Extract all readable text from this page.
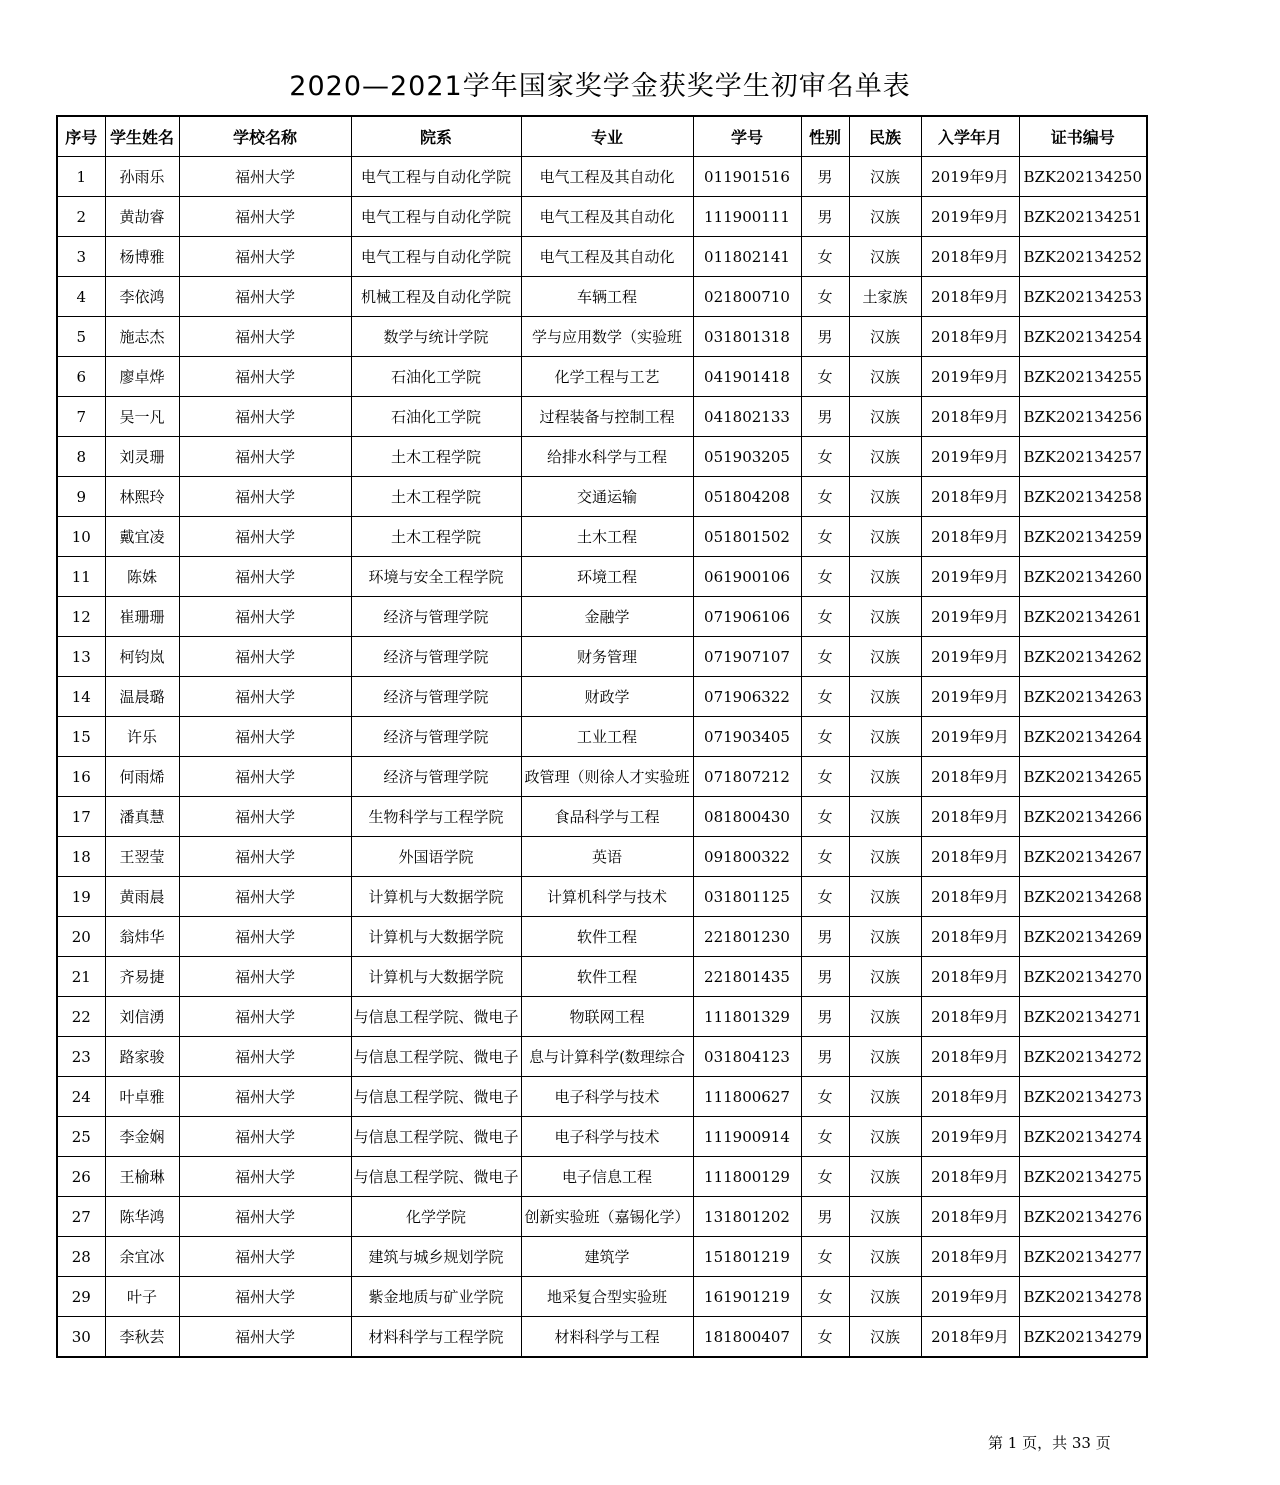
2020—2021学年国家奖学金获奖学生初审名单表
序号	学生姓名	学校名称	院系	专业	学号	性别	民族	入学年月	证书编号
1	孙雨乐	福州大学	电气工程与自动化学院	电气工程及其自动化	011901516	男	汉族	2019年9月	BZK202134250
2	黄劼睿	福州大学	电气工程与自动化学院	电气工程及其自动化	111900111	男	汉族	2019年9月	BZK202134251
3	杨博雅	福州大学	电气工程与自动化学院	电气工程及其自动化	011802141	女	汉族	2018年9月	BZK202134252
4	李依鸿	福州大学	机械工程及自动化学院	车辆工程	021800710	女	土家族	2018年9月	BZK202134253
5	施志杰	福州大学	数学与统计学院	学与应用数学（实验班	031801318	男	汉族	2018年9月	BZK202134254
6	廖卓烨	福州大学	石油化工学院	化学工程与工艺	041901418	女	汉族	2019年9月	BZK202134255
7	吴一凡	福州大学	石油化工学院	过程装备与控制工程	041802133	男	汉族	2018年9月	BZK202134256
8	刘灵珊	福州大学	土木工程学院	给排水科学与工程	051903205	女	汉族	2019年9月	BZK202134257
9	林熙玲	福州大学	土木工程学院	交通运输	051804208	女	汉族	2018年9月	BZK202134258
10	戴宜凌	福州大学	土木工程学院	土木工程	051801502	女	汉族	2018年9月	BZK202134259
11	陈姝	福州大学	环境与安全工程学院	环境工程	061900106	女	汉族	2019年9月	BZK202134260
12	崔珊珊	福州大学	经济与管理学院	金融学	071906106	女	汉族	2019年9月	BZK202134261
13	柯钧岚	福州大学	经济与管理学院	财务管理	071907107	女	汉族	2019年9月	BZK202134262
14	温晨璐	福州大学	经济与管理学院	财政学	071906322	女	汉族	2019年9月	BZK202134263
15	许乐	福州大学	经济与管理学院	工业工程	071903405	女	汉族	2019年9月	BZK202134264
16	何雨烯	福州大学	经济与管理学院	政管理（则徐人才实验班	071807212	女	汉族	2018年9月	BZK202134265
17	潘真慧	福州大学	生物科学与工程学院	食品科学与工程	081800430	女	汉族	2018年9月	BZK202134266
18	王翌莹	福州大学	外国语学院	英语	091800322	女	汉族	2018年9月	BZK202134267
19	黄雨晨	福州大学	计算机与大数据学院	计算机科学与技术	031801125	女	汉族	2018年9月	BZK202134268
20	翁炜华	福州大学	计算机与大数据学院	软件工程	221801230	男	汉族	2018年9月	BZK202134269
21	齐易捷	福州大学	计算机与大数据学院	软件工程	221801435	男	汉族	2018年9月	BZK202134270
22	刘信湧	福州大学	与信息工程学院、微电子	物联网工程	111801329	男	汉族	2018年9月	BZK202134271
23	路家骏	福州大学	与信息工程学院、微电子	息与计算科学(数理综合	031804123	男	汉族	2018年9月	BZK202134272
24	叶卓雅	福州大学	与信息工程学院、微电子	电子科学与技术	111800627	女	汉族	2018年9月	BZK202134273
25	李金娴	福州大学	与信息工程学院、微电子	电子科学与技术	111900914	女	汉族	2019年9月	BZK202134274
26	王榆琳	福州大学	与信息工程学院、微电子	电子信息工程	111800129	女	汉族	2018年9月	BZK202134275
27	陈华鸿	福州大学	化学学院	创新实验班（嘉锡化学）	131801202	男	汉族	2018年9月	BZK202134276
28	余宜冰	福州大学	建筑与城乡规划学院	建筑学	151801219	女	汉族	2018年9月	BZK202134277
29	叶子	福州大学	紫金地质与矿业学院	地采复合型实验班	161901219	女	汉族	2019年9月	BZK202134278
30	李秋芸	福州大学	材料科学与工程学院	材料科学与工程	181800407	女	汉族	2018年9月	BZK202134279
第 1 页，共 33 页
